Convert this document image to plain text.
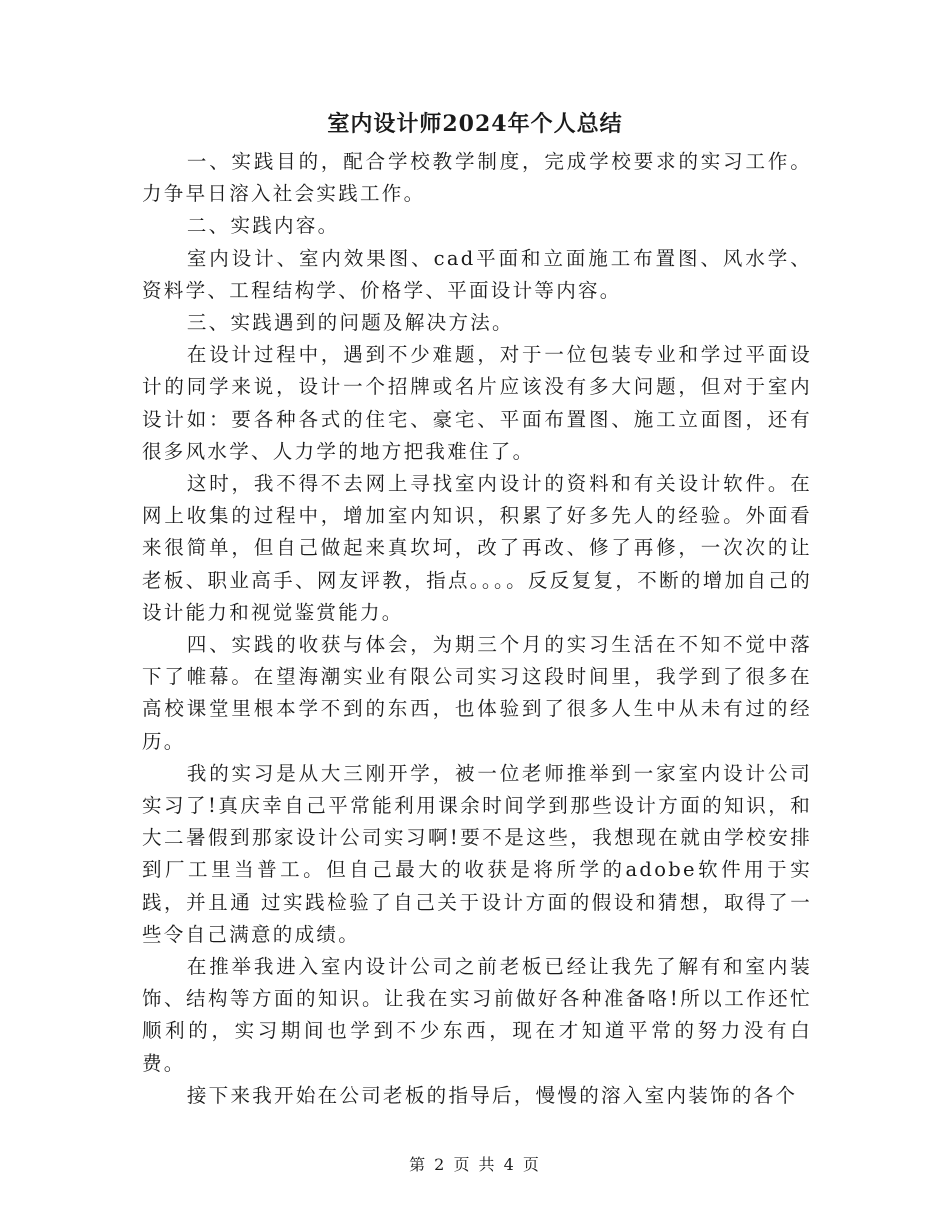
室内设计师2024年个人总结

一、实践目的，配合学校教学制度，完成学校要求的实习工作。力争早日溶入社会实践工作。

二、实践内容。

室内设计、室内效果图、cad平面和立面施工布置图、风水学、资料学、工程结构学、价格学、平面设计等内容。

三、实践遇到的问题及解决方法。

在设计过程中，遇到不少难题，对于一位包装专业和学过平面设计的同学来说，设计一个招牌或名片应该没有多大问题，但对于室内设计如：要各种各式的住宅、豪宅、平面布置图、施工立面图，还有很多风水学、人力学的地方把我难住了。

这时，我不得不去网上寻找室内设计的资料和有关设计软件。在网上收集的过程中，增加室内知识，积累了好多先人的经验。外面看来很简单，但自己做起来真坎坷，改了再改、修了再修，一次次的让老板、职业高手、网友评教，指点。。。。反反复复，不断的增加自己的设计能力和视觉鉴赏能力。

四、实践的收获与体会，为期三个月的实习生活在不知不觉中落下了帷幕。在望海潮实业有限公司实习这段时间里，我学到了很多在高校课堂里根本学不到的东西，也体验到了很多人生中从未有过的经历。

我的实习是从大三刚开学，被一位老师推举到一家室内设计公司实习了!真庆幸自己平常能利用课余时间学到那些设计方面的知识，和大二暑假到那家设计公司实习啊!要不是这些，我想现在就由学校安排到厂工里当普工。但自己最大的收获是将所学的adobe软件用于实践，并且通 过实践检验了自己关于设计方面的假设和猜想，取得了一些令自己满意的成绩。

在推举我进入室内设计公司之前老板已经让我先了解有和室内装饰、结构等方面的知识。让我在实习前做好各种准备咯!所以工作还忙顺利的，实习期间也学到不少东西，现在才知道平常的努力没有白费。

接下来我开始在公司老板的指导后，慢慢的溶入室内装饰的各个

第 2 页 共 4 页
